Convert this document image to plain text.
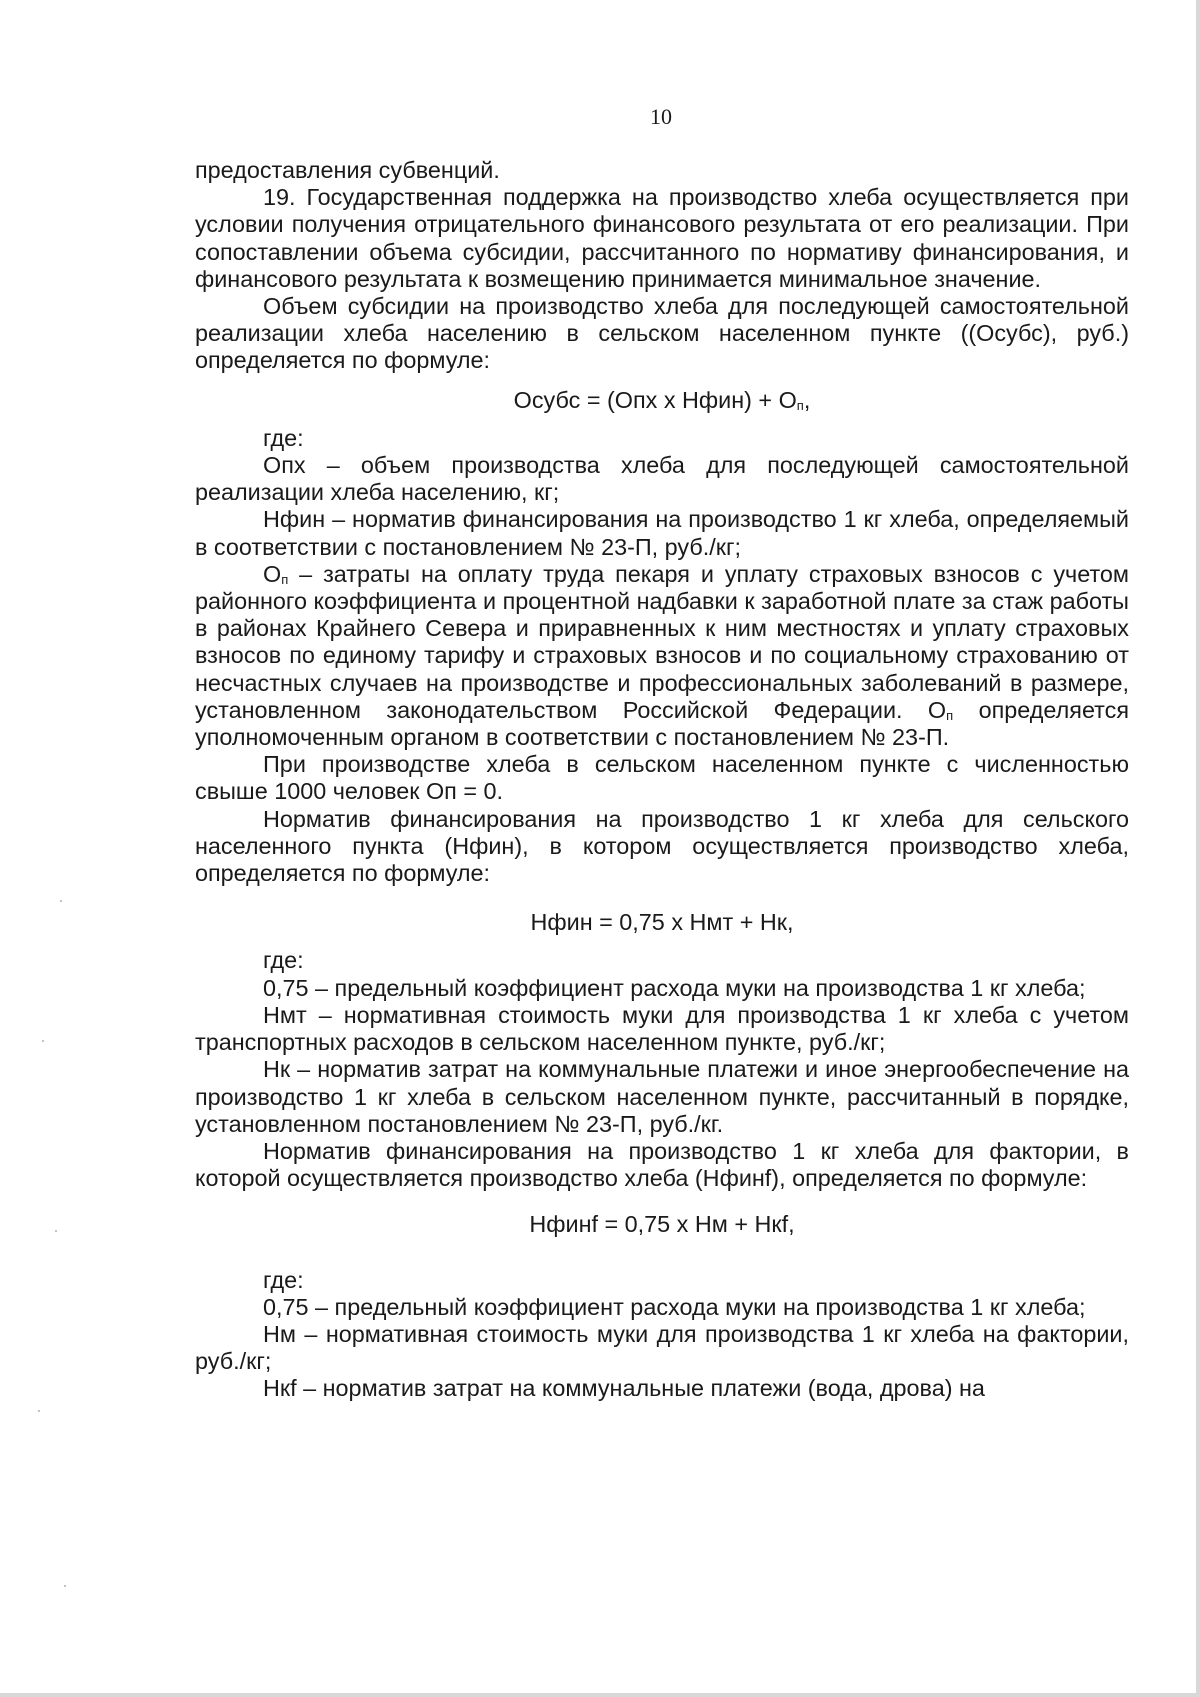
10

предоставления субвенций.

19. Государственная поддержка на производство хлеба осуществляется при условии получения отрицательного финансового результата от его реализации. При сопоставлении объема субсидии, рассчитанного по нормативу финансирования, и финансового результата к возмещению принимается минимальное значение.

Объем субсидии на производство хлеба для последующей самостоятельной реализации хлеба населению в сельском населенном пункте ((Осубс), руб.) определяется по формуле:

Осубс = (Опх х Нфин) + $О_п$,

где:

Опх – объем производства хлеба для последующей самостоятельной реализации хлеба населению, кг;

Нфин – норматив финансирования на производство 1 кг хлеба, определяемый в соответствии с постановлением № 23-П, руб./кг;

$О_п$ – затраты на оплату труда пекаря и уплату страховых взносов с учетом районного коэффициента и процентной надбавки к заработной плате за стаж работы в районах Крайнего Севера и приравненных к ним местностях и уплату страховых взносов по единому тарифу и страховых взносов и по социальному страхованию от несчастных случаев на производстве и профессиональных заболеваний в размере, установленном законодательством Российской Федерации. $О_п$ определяется уполномоченным органом в соответствии с постановлением № 23-П.

При производстве хлеба в сельском населенном пункте с численностью свыше 1000 человек Оп = 0.

Норматив финансирования на производство 1 кг хлеба для сельского населенного пункта (Нфин), в котором осуществляется производство хлеба, определяется по формуле:

Нфин = 0,75 х Нмт + Нк,

где:

0,75 – предельный коэффициент расхода муки на производства 1 кг хлеба;

Нмт – нормативная стоимость муки для производства 1 кг хлеба с учетом транспортных расходов в сельском населенном пункте, руб./кг;

Нк – норматив затрат на коммунальные платежи и иное энергообеспечение на производство 1 кг хлеба в сельском населенном пункте, рассчитанный в порядке, установленном постановлением № 23-П, руб./кг.

Норматив финансирования на производство 1 кг хлеба для фактории, в которой осуществляется производство хлеба (Нфинf), определяется по формуле:

Нфинf = 0,75 х Нм + Нкf,

где:

0,75 – предельный коэффициент расхода муки на производства 1 кг хлеба;

Нм – нормативная стоимость муки для производства 1 кг хлеба на фактории, руб./кг;

Нкf – норматив затрат на коммунальные платежи (вода, дрова) на
